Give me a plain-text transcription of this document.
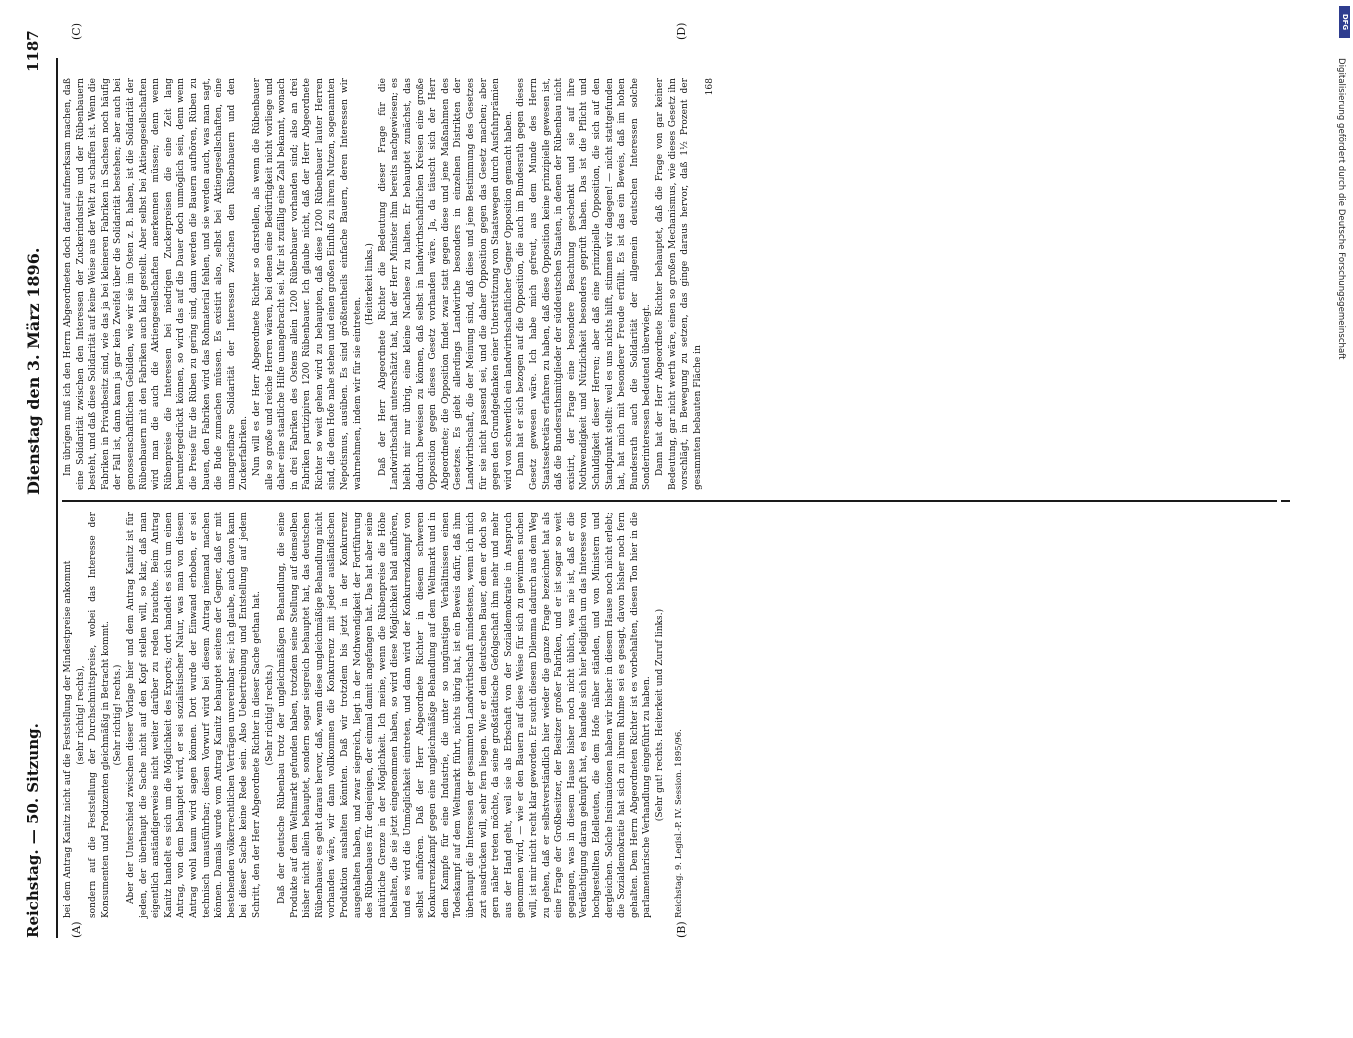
Reichstag. — 50. Sitzung.
Dienstag den 3. März 1896.
1187
(A)	(B)
(C)	(D)

bei dem Antrag Kanitz nicht auf die Feststellung der Mindestpreise ankommt (sehr richtig! rechts), sondern auf die Feststellung der Durchschnittspreise, wobei das Interesse der Konsumenten und Produzenten gleichmäßig in Betracht kommt. (Sehr richtig! rechts.) Aber der Unterschied zwischen dieser Vorlage hier und dem Antrag Kanitz ist für jeden, der überhaupt die Sache nicht auf den Kopf stellen will, so klar, daß man eigentlich anständigerweise nicht weiter darüber zu reden brauchte. Beim Antrag Kanitz handelt es sich um die Möglichkeit des Exports; dort handelt es sich um einen Antrag, von dem behauptet wird, er sei sozialistischer Natur, was man von diesem Antrag wohl kaum wird sagen können. Dort wurde der Einwand erhoben, er sei technisch unausführbar; diesen Vorwurf wird bei diesem Antrag niemand machen können. Damals wurde vom Antrag Kanitz behauptet seitens der Gegner, daß er mit bestehenden völkerrechtlichen Verträgen unvereinbar sei; ich glaube, auch davon kann bei dieser Sache keine Rede sein. Also Uebertreibung und Entstellung auf jedem Schritt, den der Herr Abgeordnete Richter in dieser Sache gethan hat. (Sehr richtig! rechts.) Daß der deutsche Rübenbau trotz der ungleichmäßigen Behandlung, die seine Produkte auf dem Weltmarkt gefunden haben, trotzdem seine Stellung auf demselben bisher nicht allein behauptet, sondern sogar siegreich behauptet hat, das deutschen Rübenbaues; es geht daraus hervor, daß, wenn diese ungleichmäßige Behandlung nicht vorhanden wäre, wir dann vollkommen die Konkurrenz mit jeder ausländischen Produktion aushalten könnten. Daß wir trotzdem bis jetzt in der Konkurrenz ausgehalten haben, und zwar siegreich, liegt in der Nothwendigkeit der Fortführung des Rübenbaues für denjenigen, der einmal damit angefangen hat. Das hat aber seine natürliche Grenze in der Möglichkeit. Ich meine, wenn die Rübenpreise die Höhe behalten, die sie jetzt eingenommen haben, so wird diese Möglichkeit bald aufhören, und es wird die Unmöglichkeit eintreten, und dann wird der Konkurrenzkampf von selbst aufhören. Daß der Herr Abgeordnete Richter in diesem schweren Konkurrenzkampf gegen eine ungleichmäßige Behandlung auf dem Weltmarkt und in dem Kampfe für eine Industrie, die unter so ungünstigen Verhältnissen einen Todeskampf auf dem Weltmarkt führt, nichts übrig hat, ist ein Beweis dafür, daß ihm überhaupt die Interessen der gesammten Landwirthschaft mindestens, wenn ich mich zart ausdrücken will, sehr fern liegen. Wie er dem deutschen Bauer, dem er doch so gern näher treten möchte, da seine großstädtische Gefolgschaft ihm mehr und mehr aus der Hand geht, weil sie als Erbschaft von der Sozialdemokratie in Anspruch genommen wird, — wie er den Bauern auf diese Weise für sich zu gewinnen suchen will, ist mir nicht recht klar geworden. Er sucht diesem Dilemma dadurch aus dem Weg zu gehen, daß er selbstverständlich hier wieder die ganze Frage bezeichnet hat als eine Frage der Großbesitzer, der Besitzer großer Fabriken, und er ist sogar so weit gegangen, was in diesem Hause bisher noch nicht üblich, was nie ist, daß er die Verdächtigung daran geknüpft hat, es handele sich hier lediglich um das Interesse von hochgestellten Edelleuten, die dem Hofe näher ständen, und von Ministern und dergleichen. Solche Insinuationen haben wir bisher in diesem Hause noch nicht erlebt; die Sozialdemokratie hat sich zu ihrem Ruhme sei es gesagt, davon bisher noch fern gehalten. Dem Herrn Abgeordneten Richter ist es vorbehalten, diesen Ton hier in die parlamentarische Verhandlung eingeführt zu haben. (Sehr gut! rechts. Heiterkeit und Zuruf links.)

Reichstag. 9. Legisl.-P. IV. Session. 1895/96.

Im übrigen muß ich den Herrn Abgeordneten doch darauf aufmerksam machen, daß eine Solidarität zwischen den Interessen der Zuckerindustrie und der Rübenbauern besteht, und daß diese Solidarität auf keine Weise aus der Welt zu schaffen ist. Wenn die Fabriken in Privatbesitz sind, wie das ja bei kleineren Fabriken in Sachsen noch häufig der Fall ist, dann kann ja gar kein Zweifel über die Solidarität bestehen; aber auch bei genossenschaftlichen Gebilden, wie wir sie im Osten z. B. haben, ist die Solidarität der Rübenbauern mit den Fabriken auch klar gestellt. Aber selbst bei Aktiengesellschaften wird man die auch die Aktiengesellschaften anerkennen müssen; denn wenn Rübenpreise die Interessen bei niedrigen Zuckerpreisen die eine Zeit lang heruntergedrückt können, so wird das auf die Dauer doch unmöglich sein, denn wenn die Preise für die Rüben zu gering sind, dann werden die Bauern aufhören, Rüben zu bauen, den Fabriken wird das Rohmaterial fehlen, und sie werden auch, was man sagt, die Bude zumachen müssen. Es existirt also, selbst bei Aktiengesellschaften, eine unangreifbare Solidarität der Interessen zwischen den Rübenbauern und den Zuckerfabriken. Nun will es der Herr Abgeordnete Richter so darstellen, als wenn die Rübenbauer alle so große und reiche Herren wären, bei denen eine Bedürftigkeit nicht vorliege und daher eine staatliche Hilfe unangebracht sei. Mir ist zufällig eine Zahl bekannt, wonach in drei Fabriken des Ostens allein 1200 Rübenbauer vorhanden sind; also an drei Fabriken partizipiren 1200 Rübenbauer. Ich glaube nicht, daß der Herr Abgeordnete Richter so weit gehen wird zu behaupten, daß diese 1200 Rübenbauer lauter Herren sind, die dem Hofe nahe stehen und einen großen Einfluß zu ihrem Nutzen, sogenannten Nepotismus, ausüben. Es sind größtentheils einfache Bauern, deren Interessen wir wahrnehmen, indem wir für sie eintreten.

(Heiterkeit links.) Daß der Herr Abgeordnete Richter die Bedeutung dieser Frage für die Landwirthschaft unterschätzt hat, hat der Herr Minister ihm bereits nachgewiesen; es bleibt mir nur übrig, eine kleine Nachlese zu halten. Er behauptet zunächst, das dadurch beweisen zu können, daß selbst in landwirthschaftlichen Kreisen eine große Opposition gegen dieses Gesetz vorhanden wäre. Ja, da täuscht sich der Herr Abgeordnete; die Opposition findet zwar statt gegen diese und jene Maßnahmen des Gesetzes. Es giebt allerdings Landwirthe besonders in einzelnen Distrikten der Landwirthschaft, die der Meinung sind, daß diese und jene Bestimmung des Gesetzes für sie nicht passend sei, und die daher Opposition gegen das Gesetz machen; aber gegen den Grundgedanken einer Unterstützung von Staatswegen durch Ausfuhrprämien wird von schwerlich ein landwirthschaftlicher Gegner Opposition gemacht haben. Dann hat er sich bezogen auf die Opposition, die auch im Bundesrath gegen dieses Gesetz gewesen wäre. Ich habe mich gefreut, aus dem Munde des Herrn Staatssekretärs erfahren zu haben, daß diese Opposition keine prinzipielle gewesen ist, daß die Bundesrathsmitglieder der süddeutschen Staaten, in denen der Rübenbau nicht existirt, der Frage eine besondere Beachtung geschenkt und sie auf ihre Nothwendigkeit und Nützlichkeit besonders geprüft haben. Das ist die Pflicht und Schuldigkeit dieser Herren; aber daß eine prinzipielle Opposition, die sich auf den Standpunkt stellt: weil es uns nichts hilft, stimmen wir dagegen! — nicht stattgefunden hat, hat mich mit besonderer Freude erfüllt. Es ist das ein Beweis, daß im hohen Bundesrath auch die Solidarität der allgemein deutschen Interessen solche Sonderinteressen bedeutend überwiegt. Dann hat der Herr Abgeordnete Richter behauptet, daß die Frage von gar keiner Bedeutung, gar nicht werth wäre, einen so großen Mechanismus, wie dieses Gesetz ihn vorschlägt, in Bewegung zu setzen, das ginge daraus hervor, daß 1½ Prozent der gesammten bebauten Fläche in

168

DFG
Digitalisierung gefördert durch die Deutsche Forschungsgemeinschaft
